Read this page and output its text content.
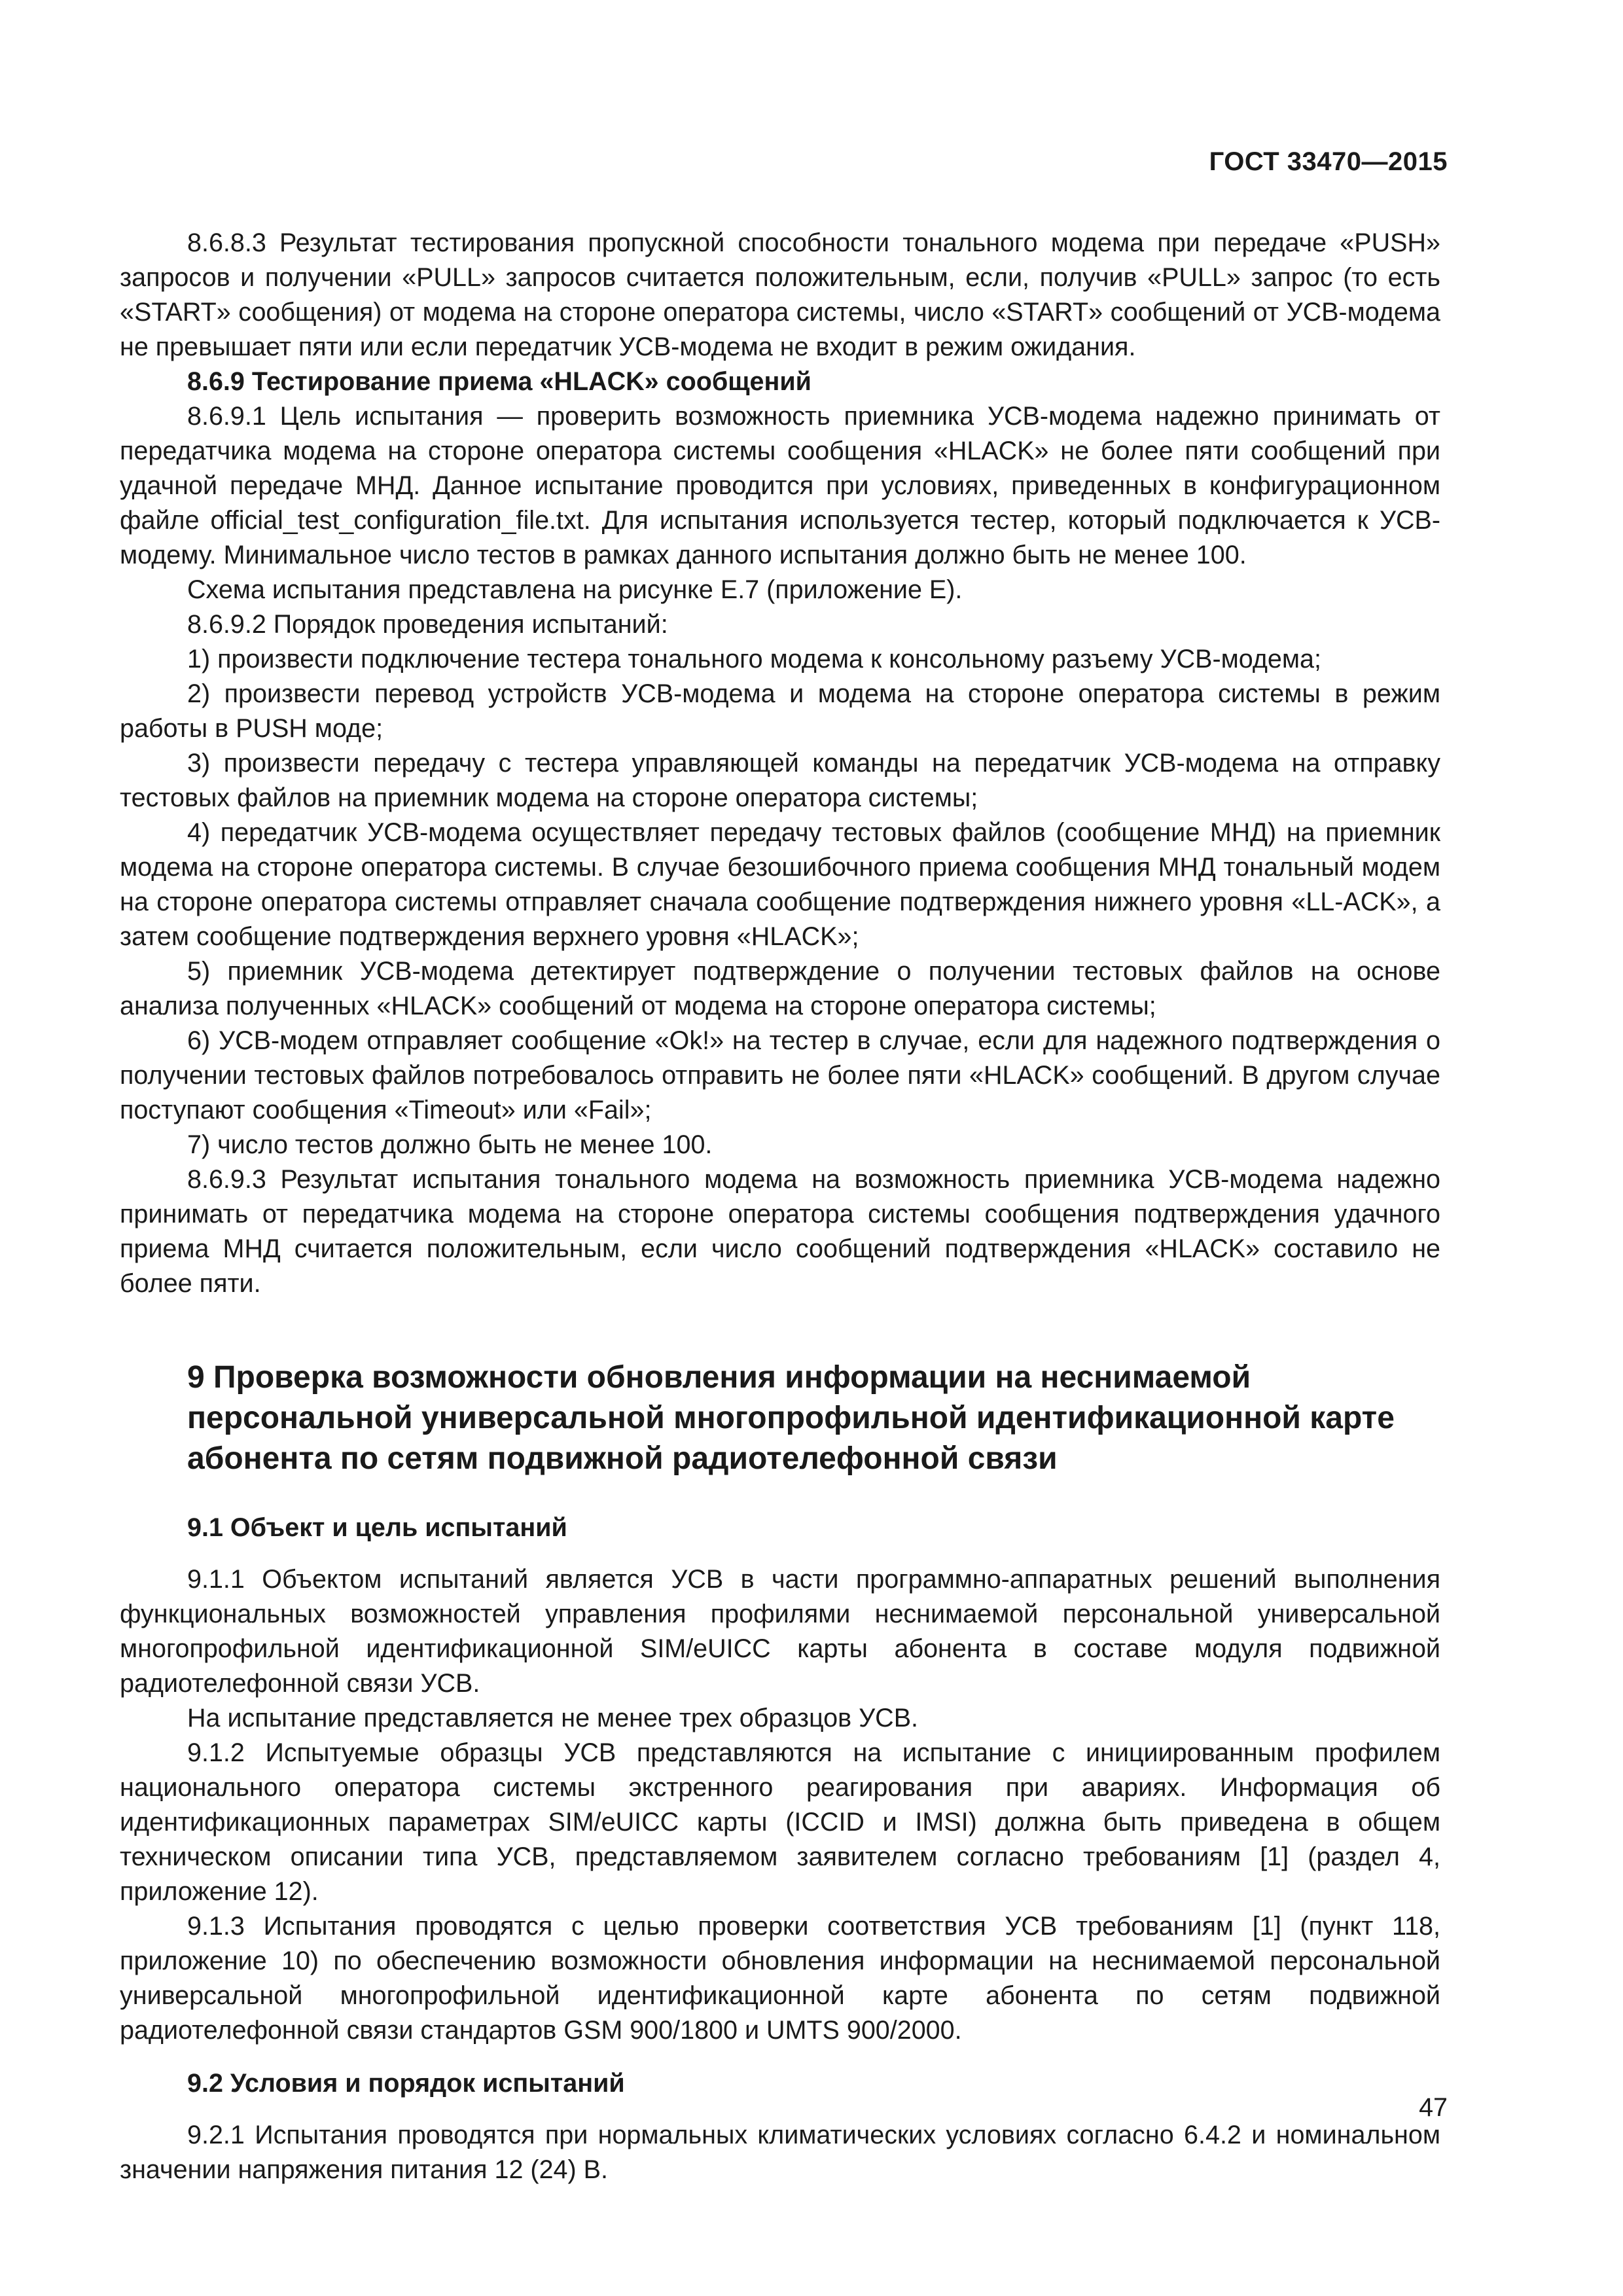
ГОСТ 33470—2015

8.6.8.3 Результат тестирования пропускной способности тонального модема при передаче «PUSH» запросов и получении «PULL» запросов считается положительным, если, получив «PULL» запрос (то есть «START» сообщения) от модема на стороне оператора системы, число «START» сообщений от УСВ-модема не превышает пяти или если передатчик УСВ-модема не входит в режим ожидания.

8.6.9 Тестирование приема «HLACK» сообщений

8.6.9.1 Цель испытания — проверить возможность приемника УСВ-модема надежно принимать от передатчика модема на стороне оператора системы сообщения «HLACK» не более пяти сообщений при удачной передаче МНД. Данное испытание проводится при условиях, приведенных в конфигурационном файле official_test_configuration_file.txt. Для испытания используется тестер, который подключается к УСВ-модему. Минимальное число тестов в рамках данного испытания должно быть не менее 100.

Схема испытания представлена на рисунке Е.7 (приложение Е).

8.6.9.2 Порядок проведения испытаний:

1) произвести подключение тестера тонального модема к консольному разъему УСВ-модема;

2) произвести перевод устройств УСВ-модема и модема на стороне оператора системы в режим работы в PUSH моде;

3) произвести передачу с тестера управляющей команды на передатчик УСВ-модема на отправку тестовых файлов на приемник модема на стороне оператора системы;

4) передатчик УСВ-модема осуществляет передачу тестовых файлов (сообщение МНД) на приемник модема на стороне оператора системы. В случае безошибочного приема сообщения МНД тональный модем на стороне оператора системы отправляет сначала сообщение подтверждения нижнего уровня «LL-ACK», а затем сообщение подтверждения верхнего уровня «HLACK»;

5) приемник УСВ-модема детектирует подтверждение о получении тестовых файлов на основе анализа полученных «HLACK» сообщений от модема на стороне оператора системы;

6) УСВ-модем отправляет сообщение «Ok!» на тестер в случае, если для надежного подтверждения о получении тестовых файлов потребовалось отправить не более пяти «HLACK» сообщений. В другом случае поступают сообщения «Timeout» или «Fail»;

7) число тестов должно быть не менее 100.

8.6.9.3 Результат испытания тонального модема на возможность приемника УСВ-модема надежно принимать от передатчика модема на стороне оператора системы сообщения подтверждения удачного приема МНД считается положительным, если число сообщений подтверждения «HLACK» составило не более пяти.

9 Проверка возможности обновления информации на неснимаемой персональной универсальной многопрофильной идентификационной карте абонента по сетям подвижной радиотелефонной связи
9.1 Объект и цель испытаний

9.1.1 Объектом испытаний является УСВ в части программно-аппаратных решений выполнения функциональных возможностей управления профилями неснимаемой персональной универсальной многопрофильной идентификационной SIM/eUICC карты абонента в составе модуля подвижной радиотелефонной связи УСВ.

На испытание представляется не менее трех образцов УСВ.

9.1.2 Испытуемые образцы УСВ представляются на испытание с инициированным профилем национального оператора системы экстренного реагирования при авариях. Информация об идентификационных параметрах SIM/eUICC карты (ICCID и IMSI) должна быть приведена в общем техническом описании типа УСВ, представляемом заявителем согласно требованиям [1] (раздел 4, приложение 12).

9.1.3 Испытания проводятся с целью проверки соответствия УСВ требованиям [1] (пункт 118, приложение 10) по обеспечению возможности обновления информации на неснимаемой персональной универсальной многопрофильной идентификационной карте абонента по сетям подвижной радиотелефонной связи стандартов GSM 900/1800 и UMTS 900/2000.

9.2 Условия и порядок испытаний

9.2.1 Испытания проводятся при нормальных климатических условиях согласно 6.4.2 и номинальном значении напряжения питания 12 (24) В.

47
